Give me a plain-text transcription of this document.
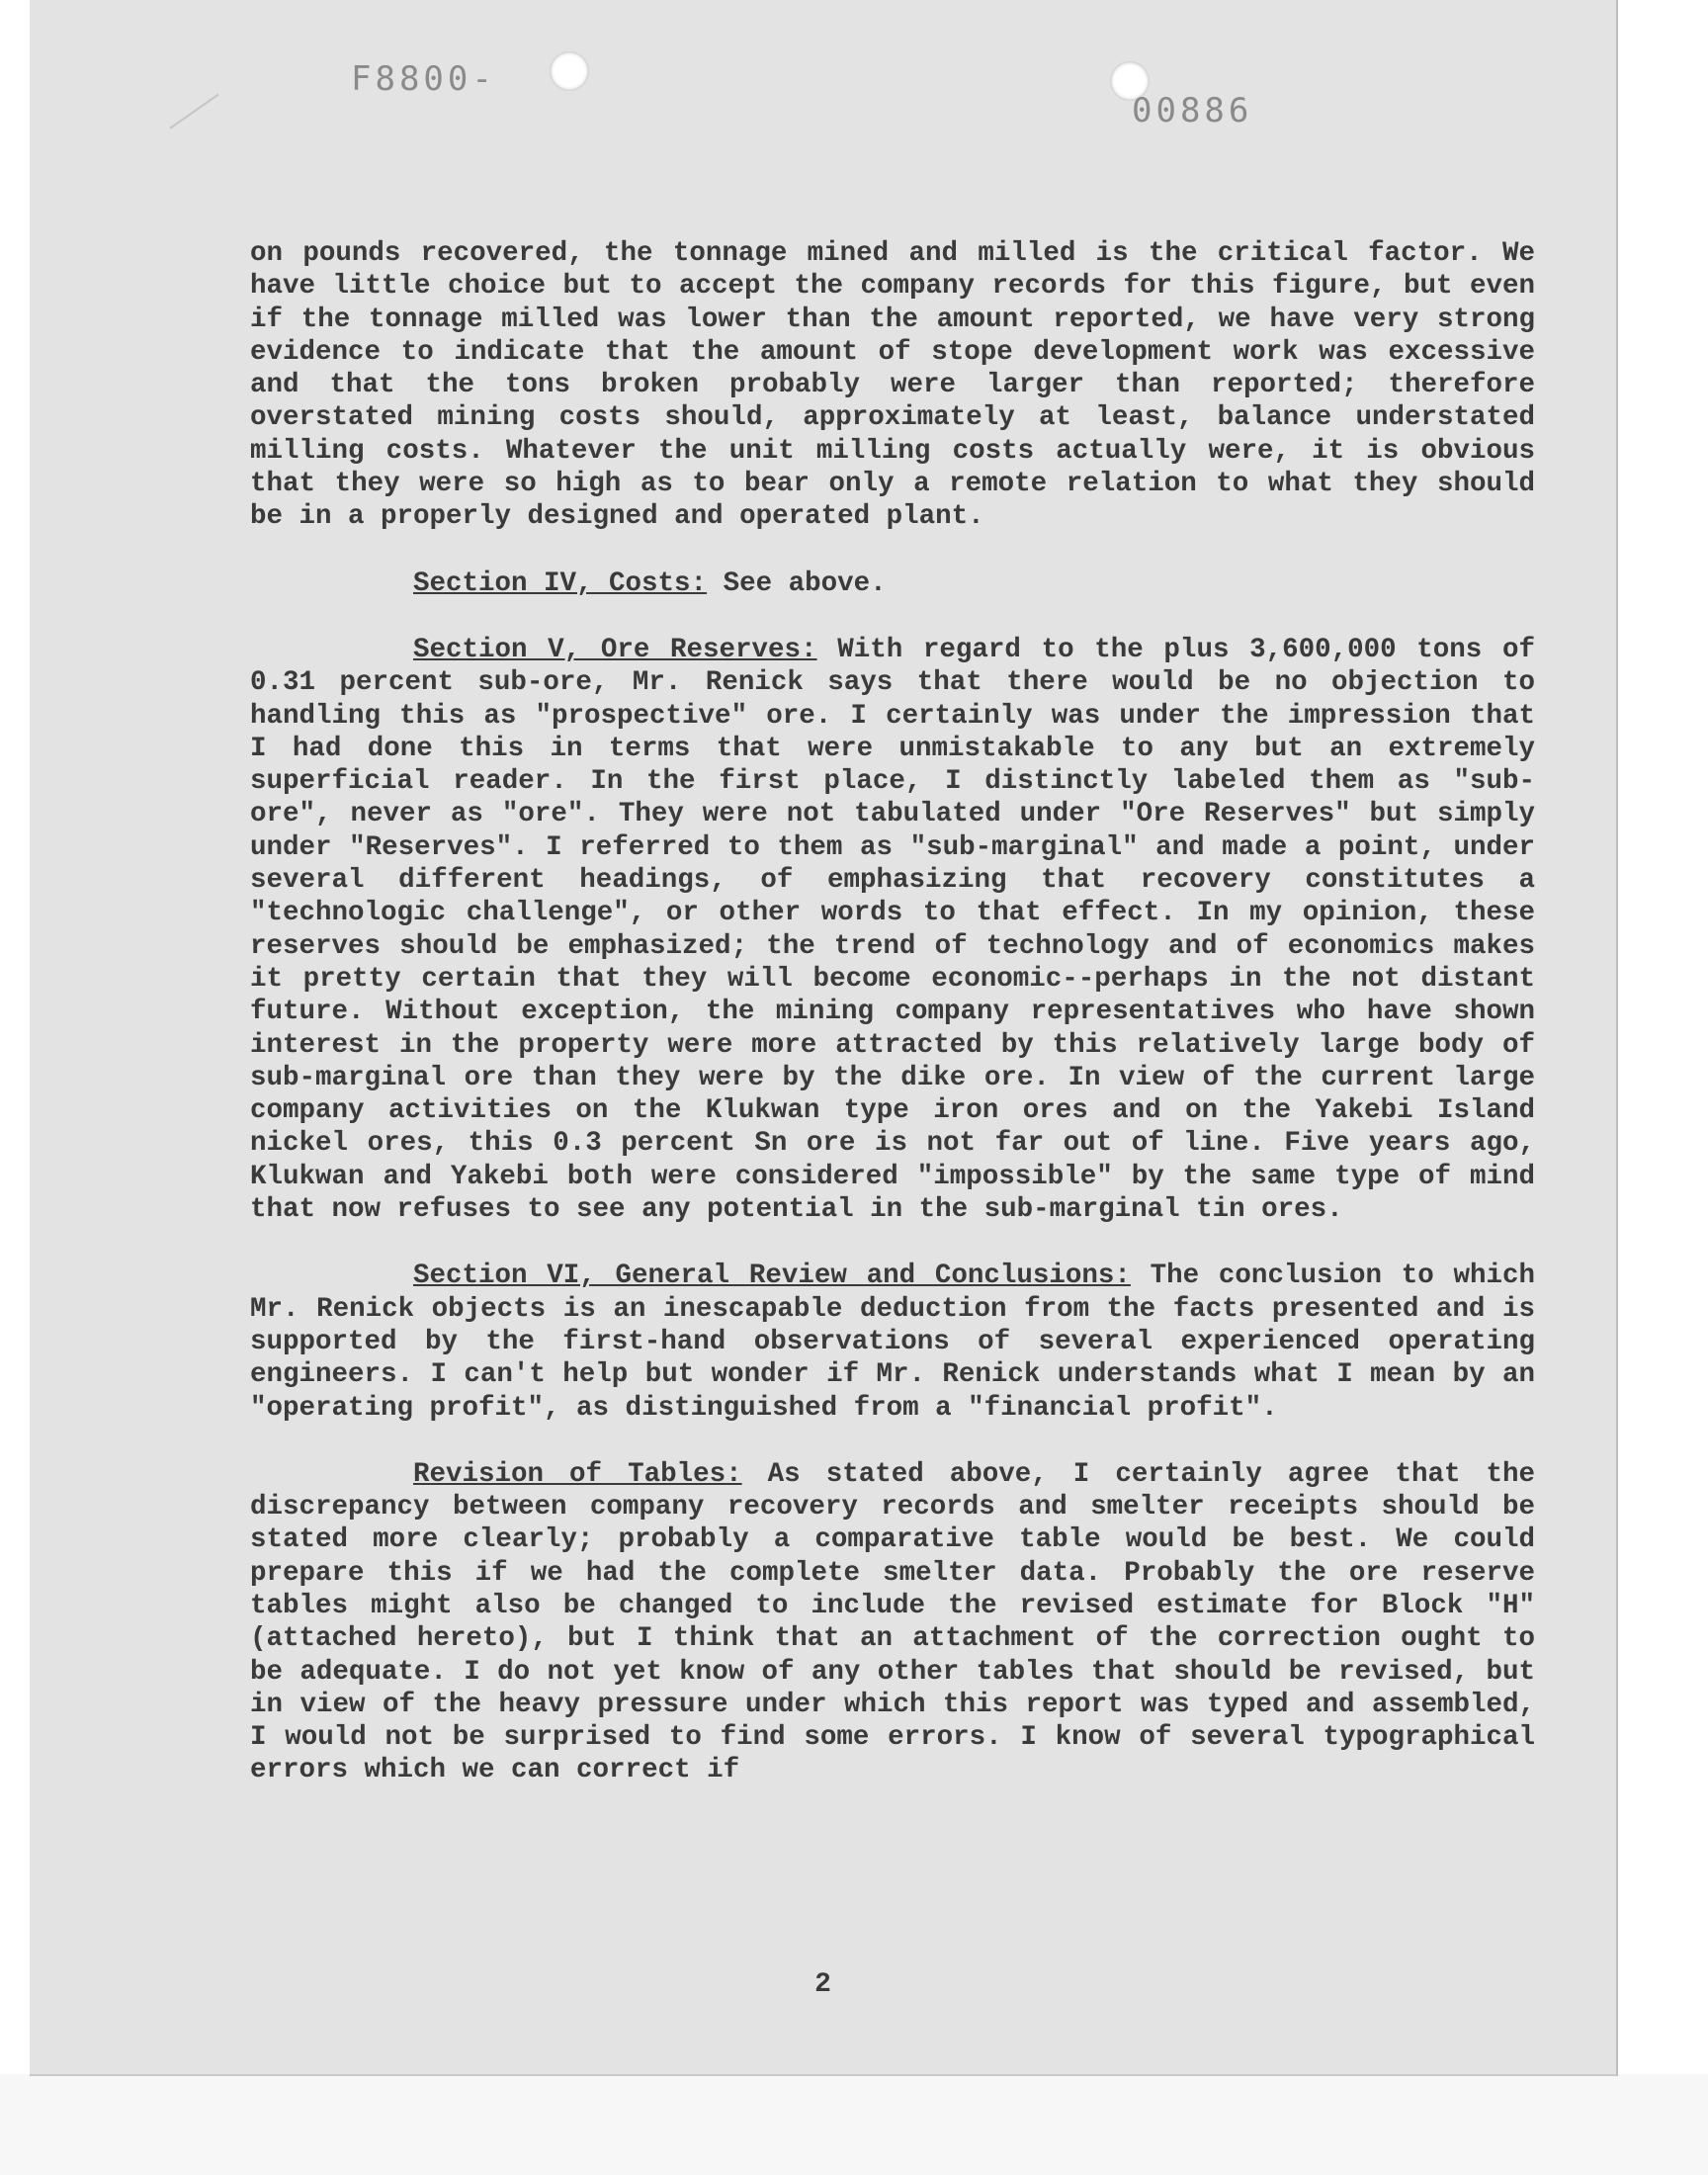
F8800-
00886
2

on pounds recovered, the tonnage mined and milled is the critical factor. We have little choice but to accept the company records for this figure, but even if the tonnage milled was lower than the amount reported, we have very strong evidence to indicate that the amount of stope development work was excessive and that the tons broken probably were larger than reported; therefore overstated mining costs should, approximately at least, balance understated milling costs. Whatever the unit milling costs actually were, it is obvious that they were so high as to bear only a remote relation to what they should be in a properly designed and operated plant.

Section IV, Costs: See above.

Section V, Ore Reserves: With regard to the plus 3,600,000 tons of 0.31 percent sub-ore, Mr. Renick says that there would be no objection to handling this as "prospective" ore. I certainly was under the impression that I had done this in terms that were unmistakable to any but an extremely superficial reader. In the first place, I distinctly labeled them as "sub-ore", never as "ore". They were not tabulated under "Ore Reserves" but simply under "Reserves". I referred to them as "sub-marginal" and made a point, under several different headings, of emphasizing that recovery constitutes a "technologic challenge", or other words to that effect. In my opinion, these reserves should be emphasized; the trend of technology and of economics makes it pretty certain that they will become economic--perhaps in the not distant future. Without exception, the mining company representatives who have shown interest in the property were more attracted by this relatively large body of sub-marginal ore than they were by the dike ore. In view of the current large company activities on the Klukwan type iron ores and on the Yakebi Island nickel ores, this 0.3 percent Sn ore is not far out of line. Five years ago, Klukwan and Yakebi both were considered "impossible" by the same type of mind that now refuses to see any potential in the sub-marginal tin ores.

Section VI, General Review and Conclusions: The conclusion to which Mr. Renick objects is an inescapable deduction from the facts presented and is supported by the first-hand observations of several experienced operating engineers. I can't help but wonder if Mr. Renick understands what I mean by an "operating profit", as distinguished from a "financial profit".

Revision of Tables: As stated above, I certainly agree that the discrepancy between company recovery records and smelter receipts should be stated more clearly; probably a comparative table would be best. We could prepare this if we had the complete smelter data. Probably the ore reserve tables might also be changed to include the revised estimate for Block "H" (attached hereto), but I think that an attachment of the correction ought to be adequate. I do not yet know of any other tables that should be revised, but in view of the heavy pressure under which this report was typed and assembled, I would not be surprised to find some errors. I know of several typographical errors which we can correct if
